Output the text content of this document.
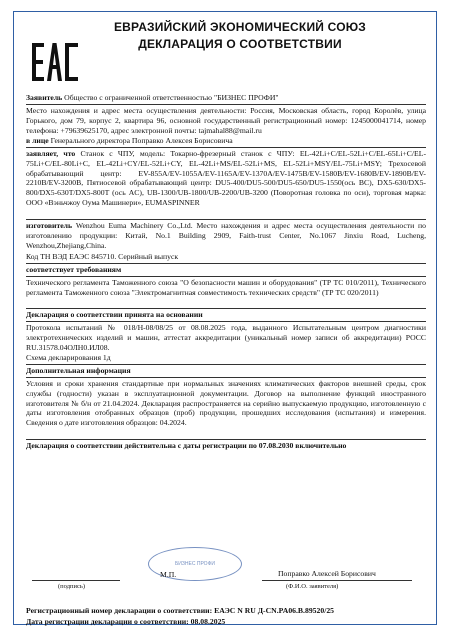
ЕВРАЗИЙСКИЙ ЭКОНОМИЧЕСКИЙ СОЮЗ
ДЕКЛАРАЦИЯ О СООТВЕТСТВИИ
Заявитель Общество с ограниченной ответственностью "БИЗНЕС ПРОФИ"
Место нахождения и адрес места осуществления деятельности: Россия, Московская область, город Королёв, улица Горького, дом 79, корпус 2, квартира 96, основной государственный регистрационный номер: 1245000041714, номер телефона: +79639625170, адрес электронной почты: tajmahal88@mail.ru
в лице Генерального директора Поправко Алексея Борисовича
заявляет, что Станок с ЧПУ, модель: Токарно-фрезерный станок с ЧПУ: EL-42Li+C/EL-52Li+C/EL-65Li+C/EL-75Li+C/EL-80Li+C, EL-42Li+CY/EL-52Li+CY, EL-42Li+MS/EL-52Li+MS, EL-52Li+MSY/EL-75Li+MSY; Трехосевой обрабатывающий центр: EV-855A/EV-1055A/EV-1165A/EV-1370A/EV-1475B/EV-1580B/EV-1680B/EV-1890B/EV-2210B/EV-3200B, Пятиосевой обрабатывающий центр: DU5-400/DU5-500/DU5-650/DU5-1550(ось ВС), DX5-630/DX5-800/DX5-630T/DX5-800T (ось AC), UB-1300/UB-1800/UB-2200/UB-3200 (Поворотная головка по оси), торговая марка: ООО «Вэньчжоу Оума Машинери», EUMASPINNER
изготовитель Wenzhou Euma Machinery Co.,Ltd. Место нахождения и адрес места осуществления деятельности по изготовлению продукции: Китай, No.1 Building 2909, Faith-trust Center, No.1067 Jinxiu Road, Lucheng, Wenzhou,Zhejiang,China.
Код ТН ВЭД ЕАЭС 845710. Серийный выпуск
соответствует требованиям
Технического регламента Таможенного союза "О безопасности машин и оборудования" (ТР ТС 010/2011), Технического регламента Таможенного союза "Электромагнитная совместимость технических средств" (ТР ТС 020/2011)
Декларация о соответствии принята на основании
Протокола испытаний № 018/Н-08/08/25 от 08.08.2025 года, выданного Испытательным центром диагностики электротехнических изделий и машин, аттестат аккредитации (уникальный номер записи об аккредитации) РОСС RU.31578.04ОЛН0.ИЛ08.
Схема декларирования 1д
Дополнительная информация
Условия и сроки хранения стандартные при нормальных значениях климатических факторов внешней среды, срок службы (годности) указан в эксплуатационной документации. Договор на выполнение функций иностранного изготовителя № б/н от 21.04.2024. Декларация распространяется на серийно выпускаемую продукцию, изготовленную с даты изготовления отобранных образцов (проб) продукции, прошедших исследования (испытания) и измерения. Сведения о дате изготовления образцов: 04.2024.
Декларация о соответствии действительна с даты регистрации по 07.08.2030 включительно
БИЗНЕС ПРОФИ
(подпись)
М.П.	Поправко Алексей Борисович
(Ф.И.О. заявителя)
Регистрационный номер декларации о соответствии: ЕАЭС N RU Д-CN.PA06.B.89520/25
Дата регистрации декларации о соответствии: 08.08.2025
